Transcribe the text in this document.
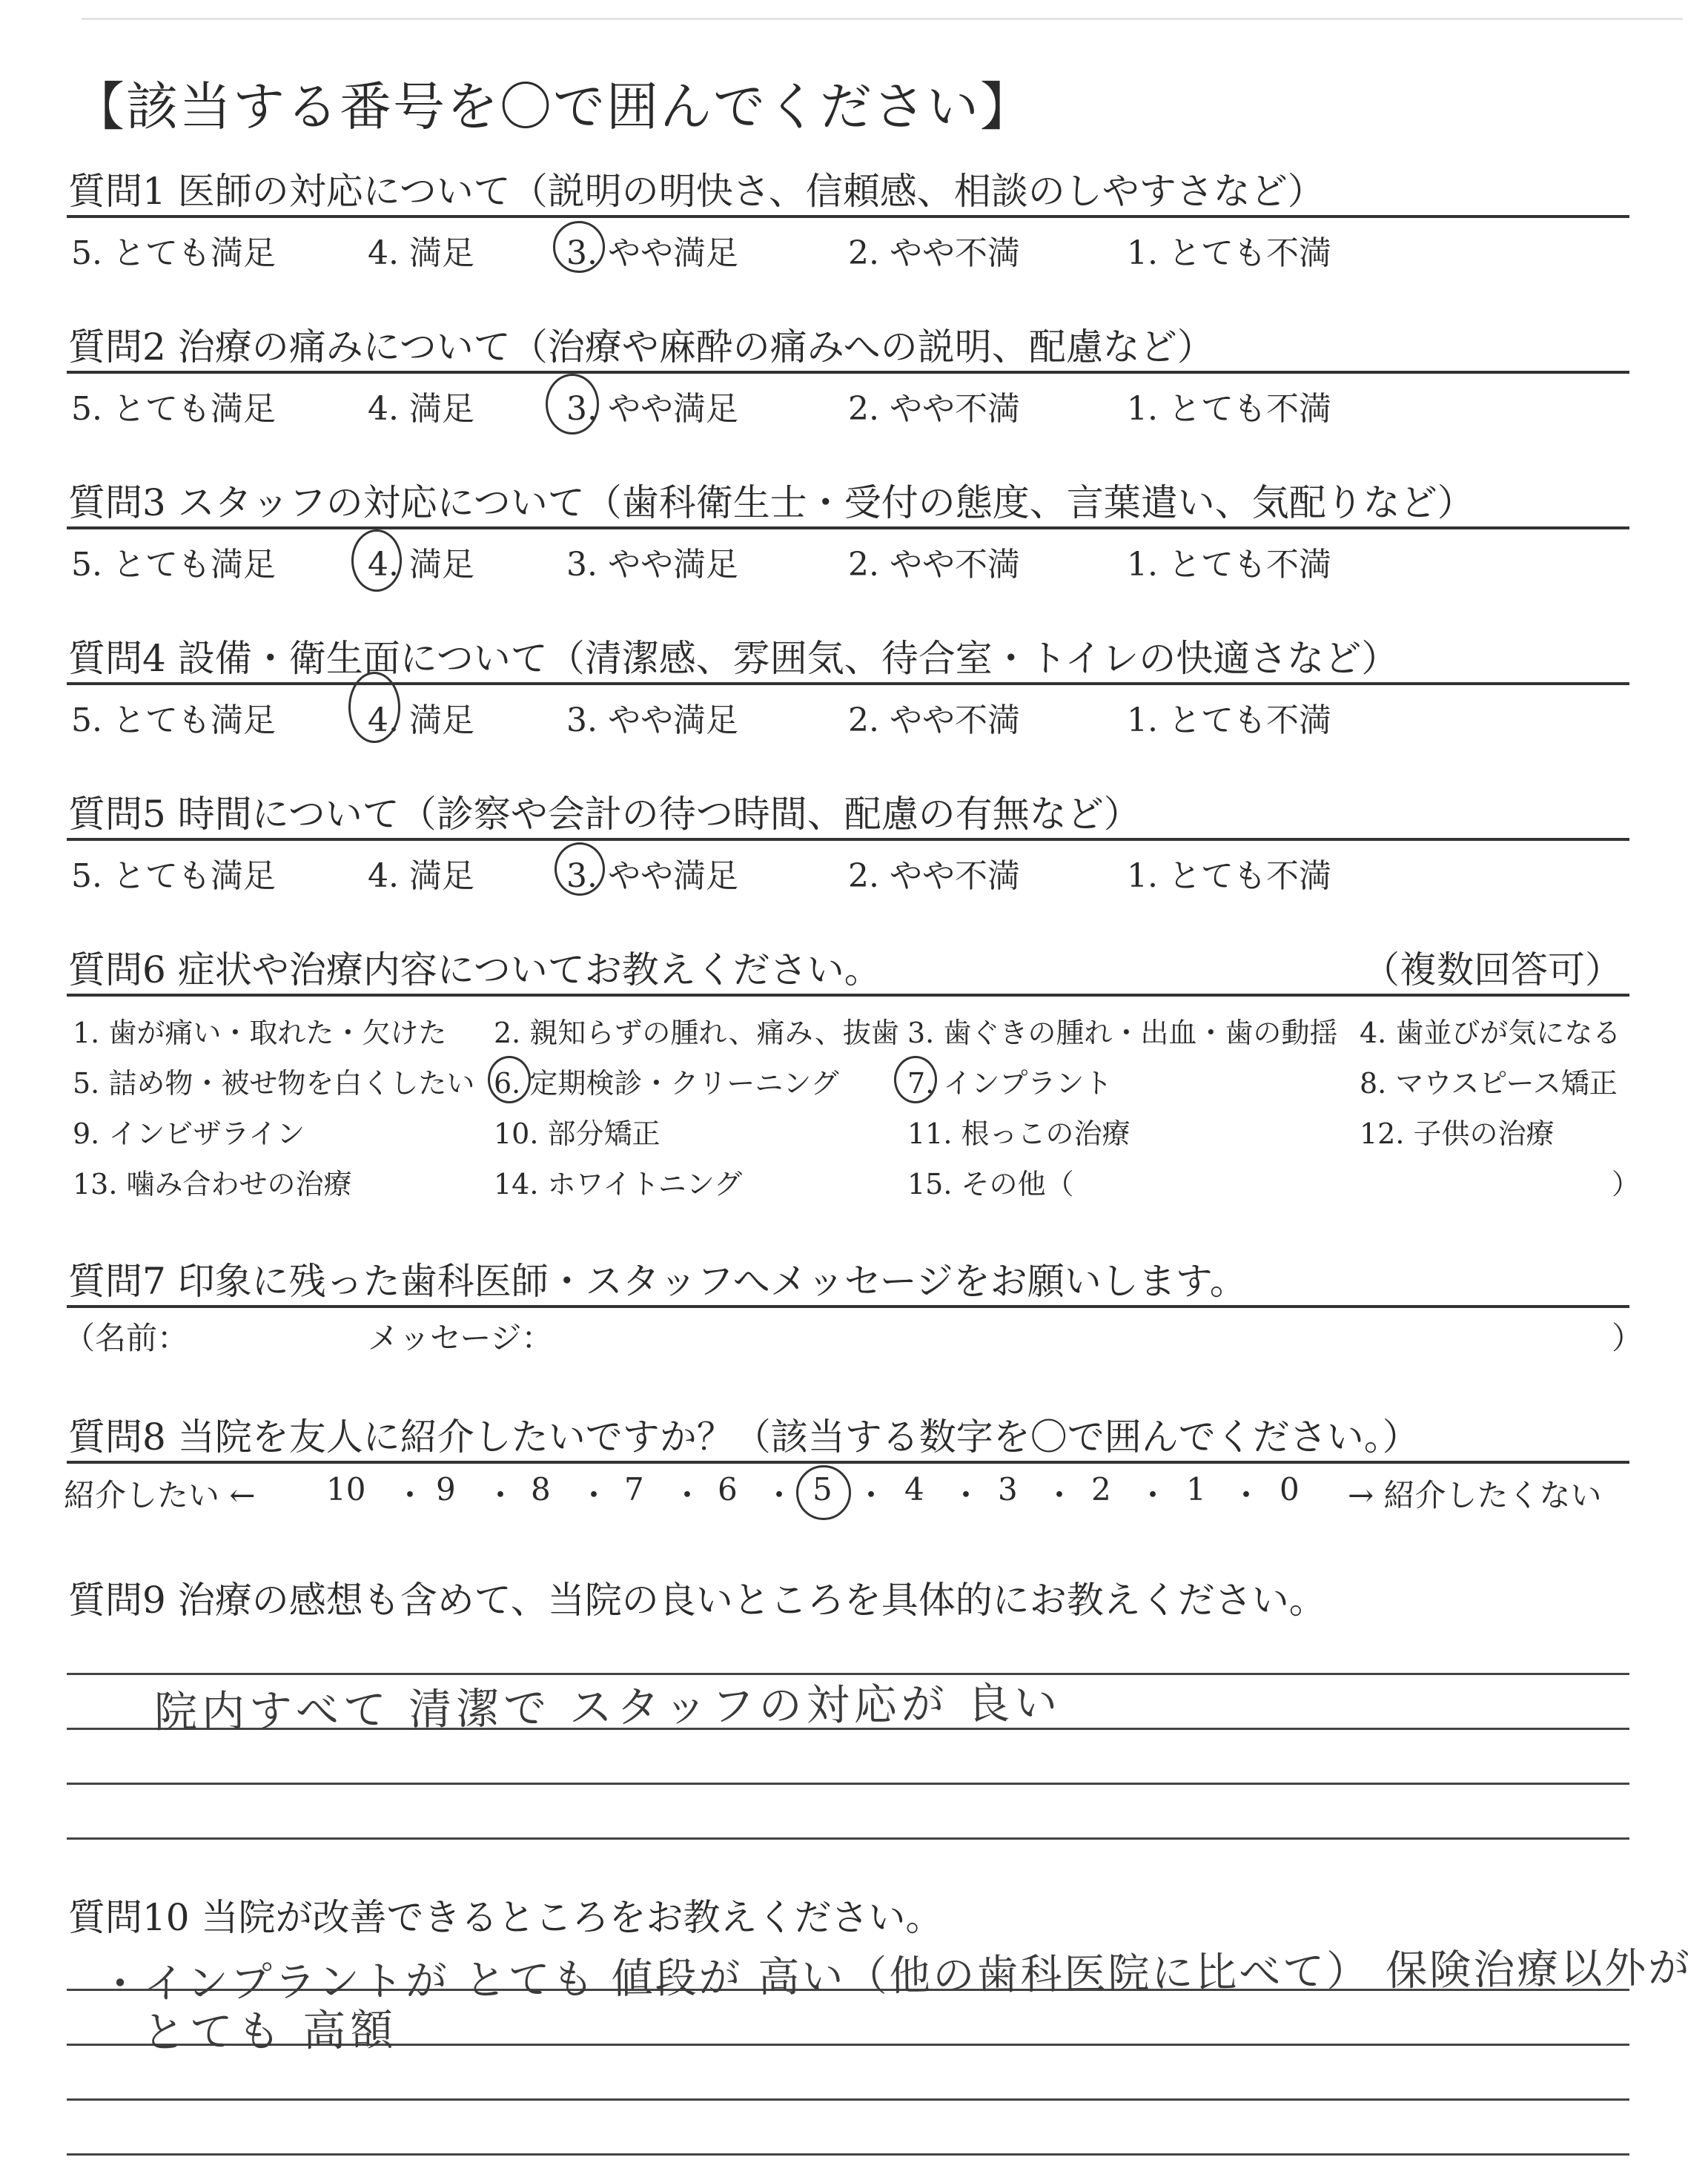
【該当する番号を〇で囲んでください】
質問1 医師の対応について（説明の明快さ、信頼感、相談のしやすさなど）
5. とても満足	4. 満足	3. やや満足	2. やや不満	1. とても不満
質問2 治療の痛みについて（治療や麻酔の痛みへの説明、配慮など）
5. とても満足	4. 満足	3. やや満足	2. やや不満	1. とても不満
質問3 スタッフの対応について（歯科衛生士・受付の態度、言葉遣い、気配りなど）
5. とても満足	4. 満足	3. やや満足	2. やや不満	1. とても不満
質問4 設備・衛生面について（清潔感、雰囲気、待合室・トイレの快適さなど）
5. とても満足	4. 満足	3. やや満足	2. やや不満	1. とても不満
質問5 時間について（診察や会計の待つ時間、配慮の有無など）
5. とても満足	4. 満足	3. やや満足	2. やや不満	1. とても不満
質問6 症状や治療内容についてお教えください。	（複数回答可）
1. 歯が痛い・取れた・欠けた 2. 親知らずの腫れ、痛み、抜歯 3. 歯ぐきの腫れ・出血・歯の動揺 4. 歯並びが気になる
5. 詰め物・被せ物を白くしたい 6. 定期検診・クリーニング 7. インプラント	8. マウスピース矯正
9. インビザライン	10. 部分矯正	11. 根っこの治療	12. 子供の治療
13. 噛み合わせの治療	14. ホワイトニング	15. その他（	）
質問7 印象に残った歯科医師・スタッフへメッセージをお願いします。
（名前：	メッセージ：	）
質問8 当院を友人に紹介したいですか？（該当する数字を〇で囲んでください。）
紹介したい ←	→ 紹介したくない
10 ・ 9 ・ 8 ・ 7 ・ 6 ・ 5 ・ 4 ・ 3 ・ 2 ・ 1 ・ 0
質問9 治療の感想も含めて、当院の良いところを具体的にお教えください。
院内すべて 清潔で スタッフの対応が 良い
質問10 当院が改善できるところをお教えください。
・インプラントが とても 値段が 高い（他の歯科医院に比べて） 保険治療以外が
とても 高額
